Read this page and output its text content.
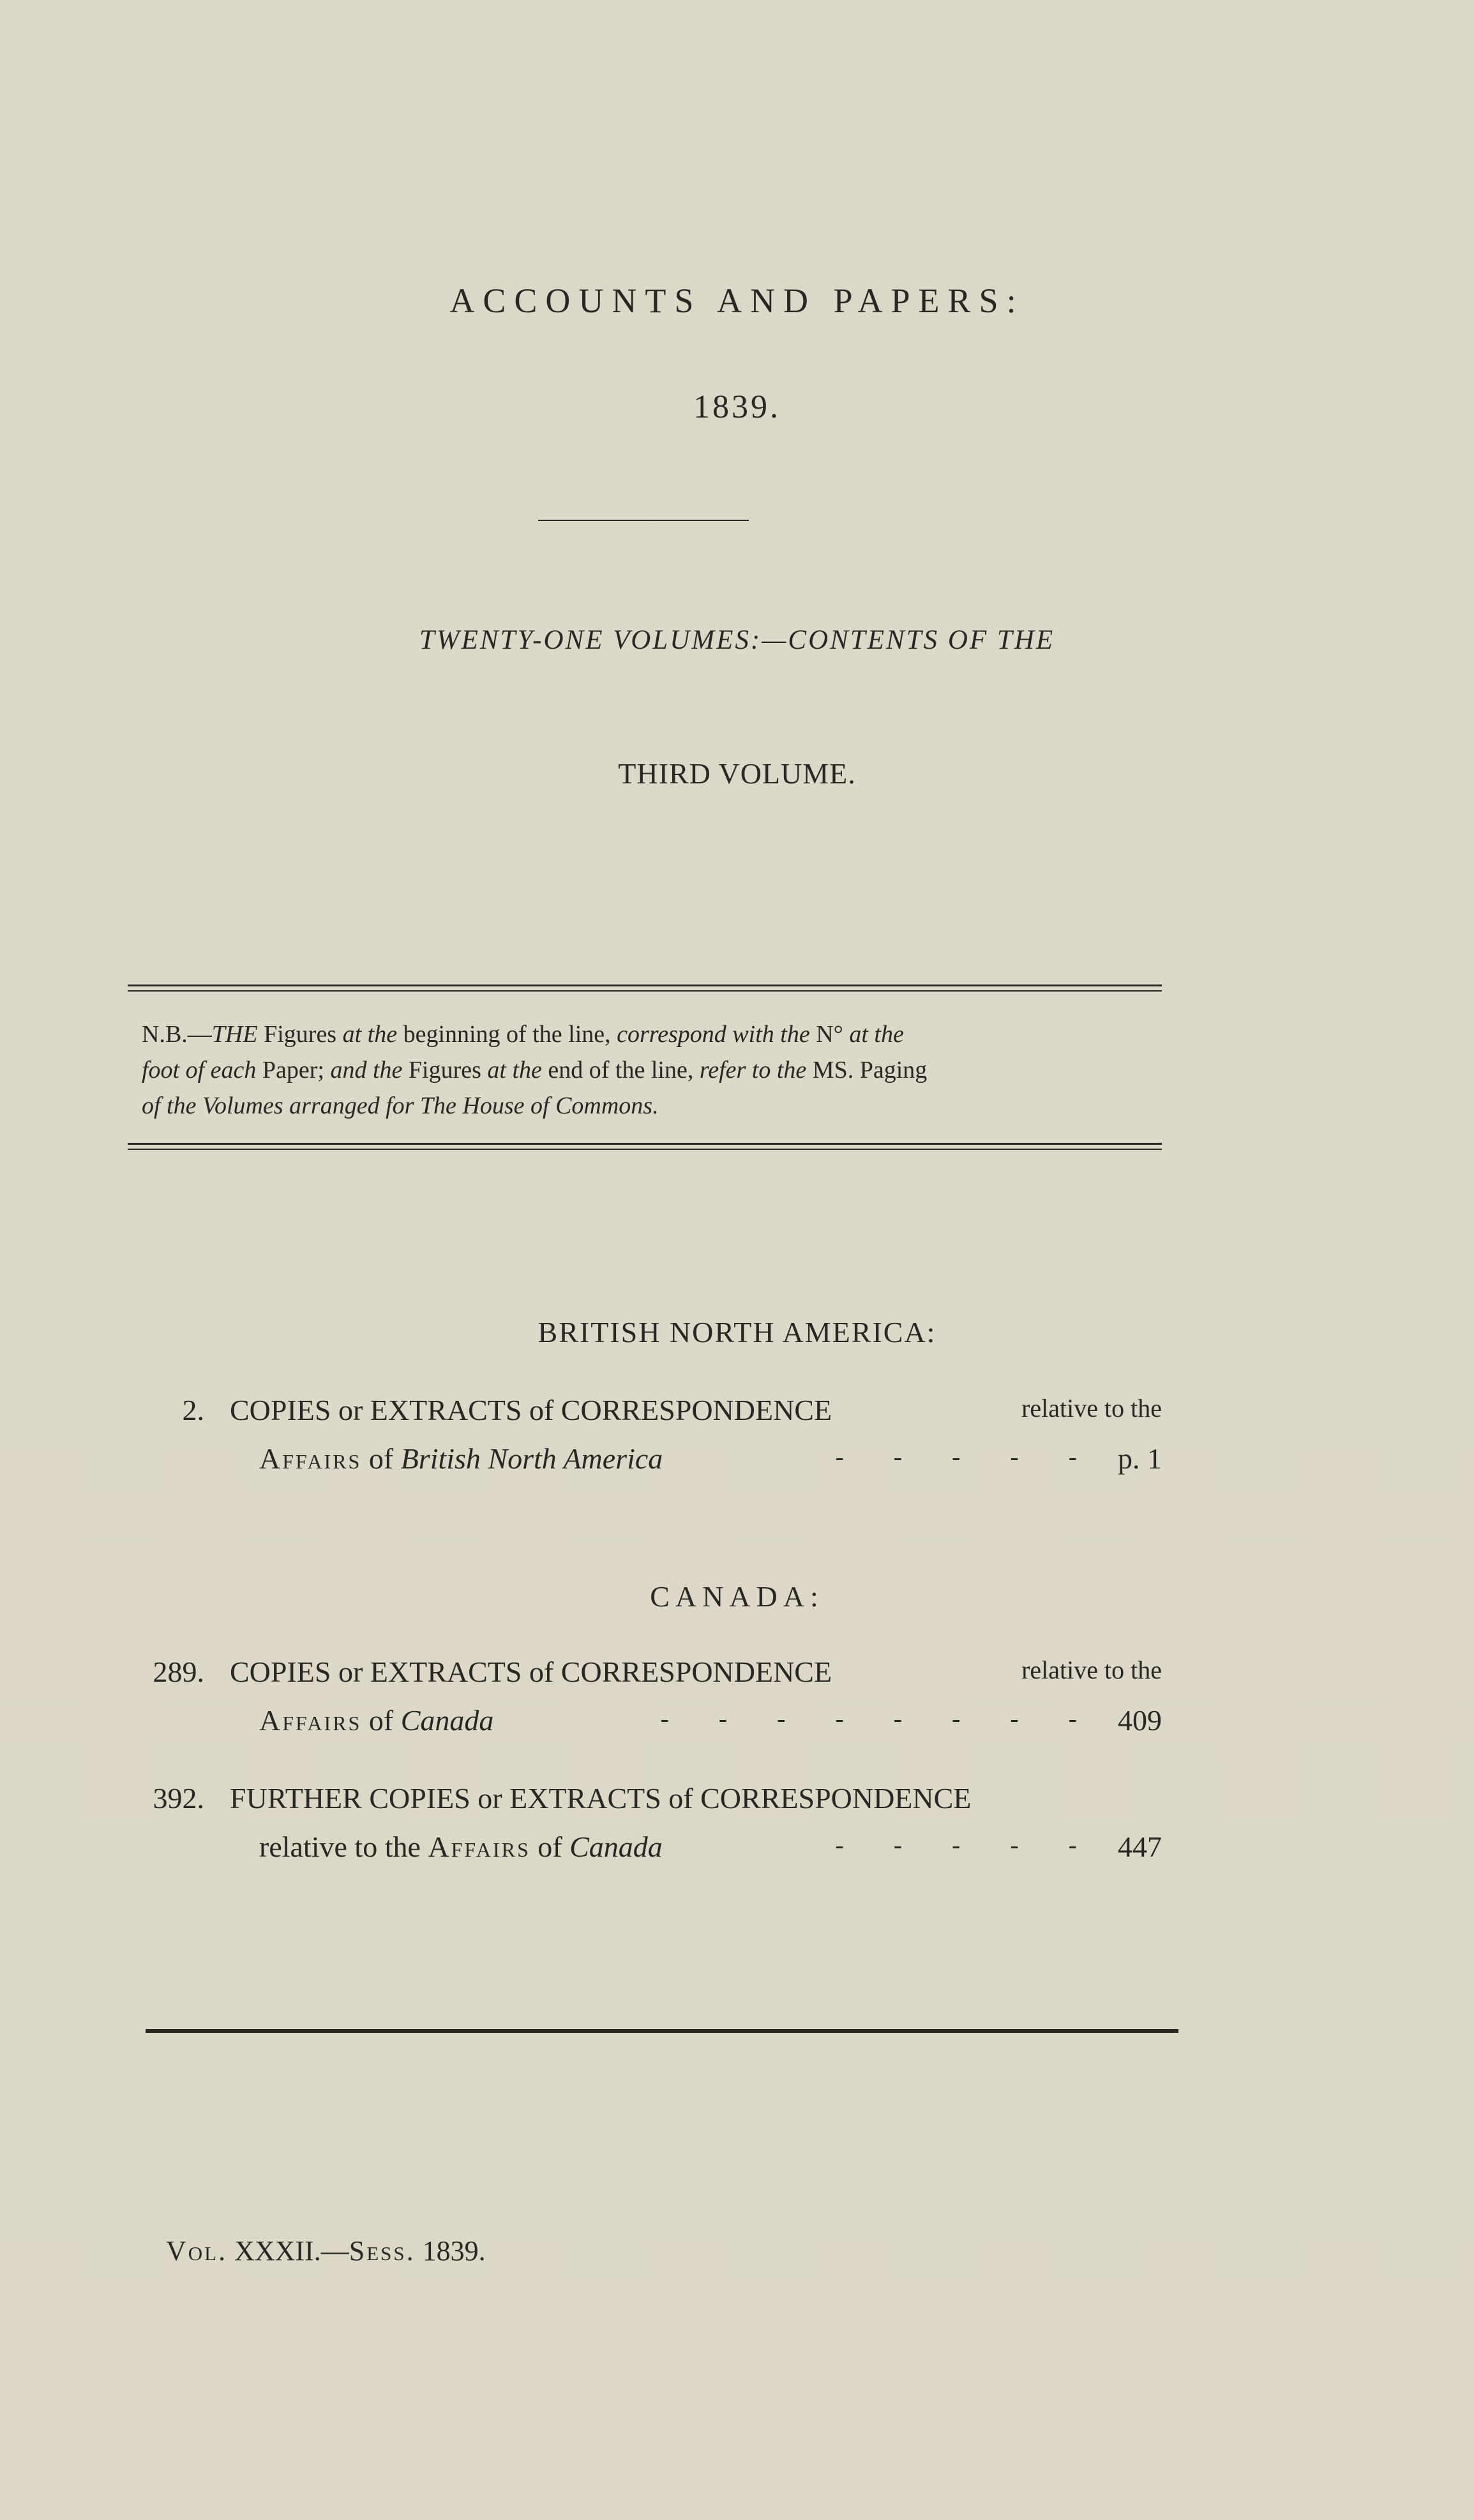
ACCOUNTS AND PAPERS:
1839.
TWENTY-ONE VOLUMES:—CONTENTS OF THE
THIRD VOLUME.
N.B.—THE Figures at the beginning of the line, correspond with the N° at the
foot of each Paper; and the Figures at the end of the line, refer to the MS. Paging
of the Volumes arranged for The House of Commons.
BRITISH NORTH AMERICA:
2. COPIES or EXTRACTS of CORRESPONDENCE	relative to the
Affairs of British North America	- - - - - p. 1
CANADA:
289. COPIES or EXTRACTS of CORRESPONDENCE	relative to the
Affairs of Canada	- - - - - - - - 409
392. FURTHER COPIES or EXTRACTS of CORRESPONDENCE
relative to the Affairs of Canada	- - - - - 447
Vol. XXXII.—Sess. 1839.
